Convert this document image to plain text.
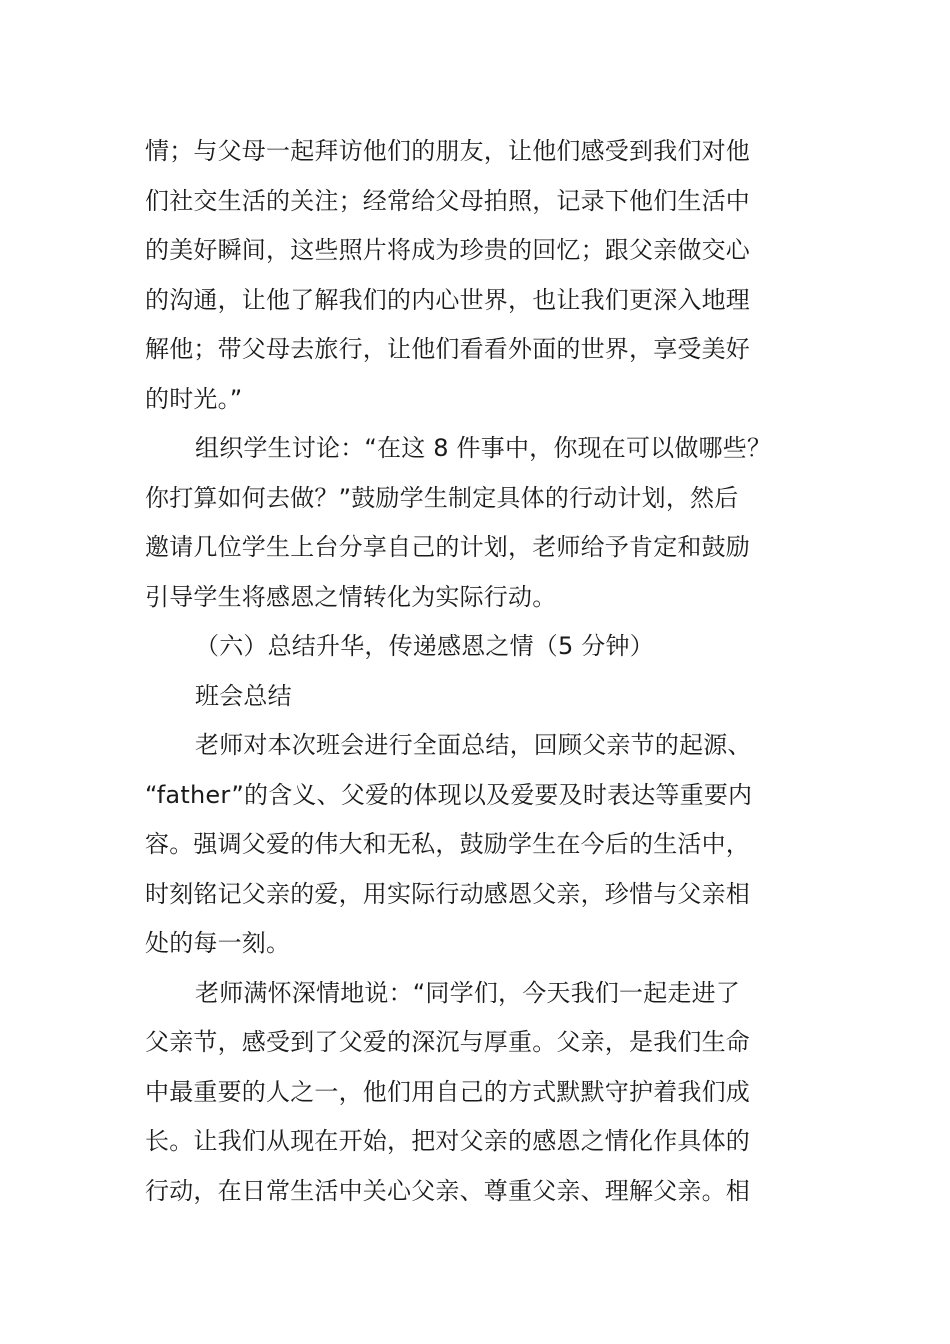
情；与父母一起拜访他们的朋友，让他们感受到我们对他
们社交生活的关注；经常给父母拍照，记录下他们生活中
的美好瞬间，这些照片将成为珍贵的回忆；跟父亲做交心
的沟通，让他了解我们的内心世界，也让我们更深入地理
解他；带父母去旅行，让他们看看外面的世界，享受美好
的时光。”
组织学生讨论：“在这 8 件事中，你现在可以做哪些？
你打算如何去做？”鼓励学生制定具体的行动计划，然后
邀请几位学生上台分享自己的计划，老师给予肯定和鼓励
引导学生将感恩之情转化为实际行动。
（六）总结升华，传递感恩之情（5 分钟）
班会总结
老师对本次班会进行全面总结，回顾父亲节的起源、
“father”的含义、父爱的体现以及爱要及时表达等重要内
容。强调父爱的伟大和无私，鼓励学生在今后的生活中，
时刻铭记父亲的爱，用实际行动感恩父亲，珍惜与父亲相
处的每一刻。
老师满怀深情地说：“同学们，今天我们一起走进了
父亲节，感受到了父爱的深沉与厚重。父亲，是我们生命
中最重要的人之一，他们用自己的方式默默守护着我们成
长。让我们从现在开始，把对父亲的感恩之情化作具体的
行动，在日常生活中关心父亲、尊重父亲、理解父亲。相
